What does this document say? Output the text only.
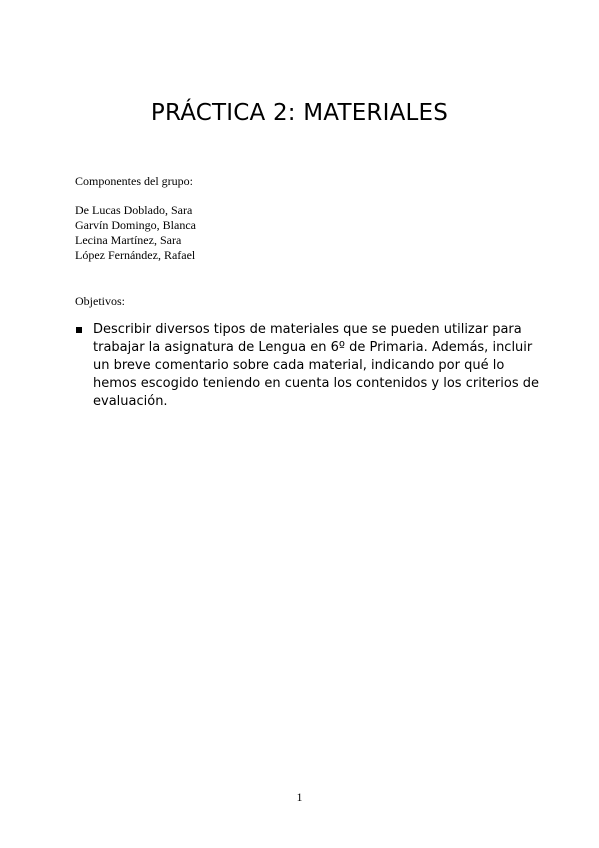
PRÁCTICA 2: MATERIALES
Componentes del grupo:
De Lucas Doblado, Sara
Garvín Domingo, Blanca
Lecina Martínez, Sara
López Fernández, Rafael
Objetivos:
Describir diversos tipos de materiales que se pueden utilizar para trabajar la asignatura de Lengua en 6º de Primaria. Además, incluir un breve comentario sobre cada material, indicando por qué lo hemos escogido teniendo en cuenta los contenidos y los criterios de evaluación.
1
